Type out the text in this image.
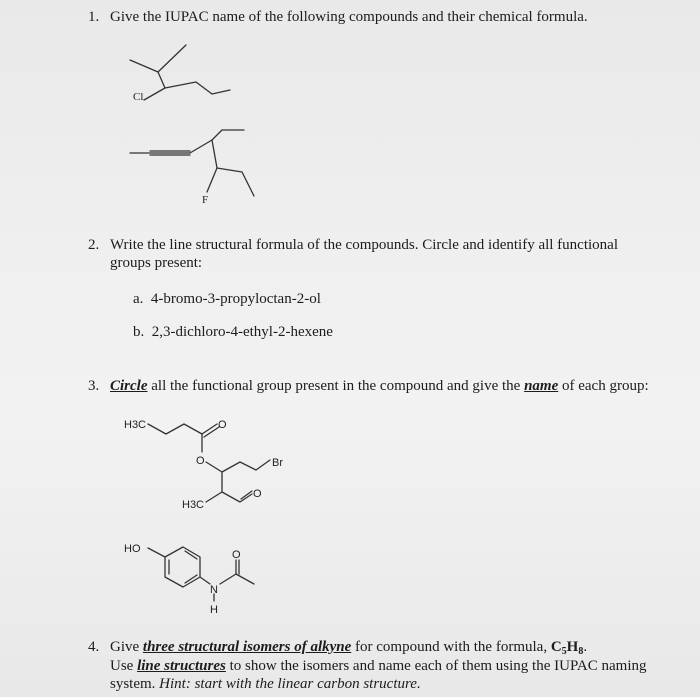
1. Give the IUPAC name of the following compounds and their chemical formula.
2. Write the line structural formula of the compounds. Circle and identify all functional
groups present:
a. 4-bromo-3-propyloctan-2-ol
b. 2,3-dichloro-4-ethyl-2-hexene
3. Circle all the functional group present in the compound and give the name of each group:
4. Give three structural isomers of alkyne for compound with the formula, $C_5H_8$.
Use line structures to show the isomers and name each of them using the IUPAC naming
system. Hint: start with the linear carbon structure.
Cl
F
H3C	O
O	Br
H3C
O
HO	O
N
H
